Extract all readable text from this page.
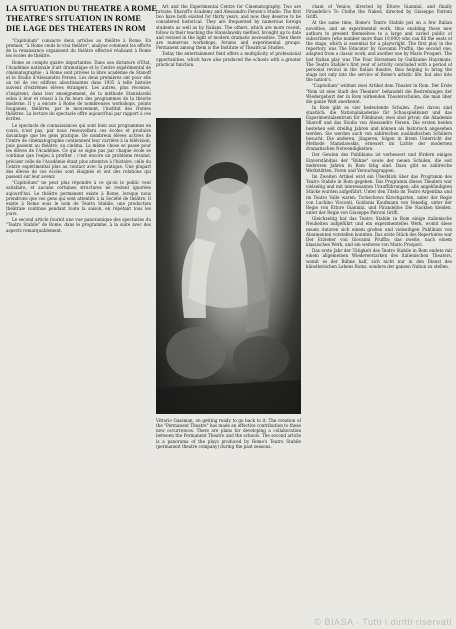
LA SITUATION DU THEATRE A ROME
THEATRE'S SITUATION IN ROME
DIE LAGE DES THEATERS IN ROM

"Capitolium" consacre deux articles au théâtre à Rome. En premier, "à Rome ceuls le vrai théâtre", analyse comment les efforts de la renaissance organisent du théâtre effectué réalisant à Rome les écoles de théâtre.

Rome se compte quatre importantes. Dans son dictature d'Etat, l'Académie nationale d'art dramatique et le Centre expérimental de cinématographie ; à Rome sont privées la libre académie de Stanoff et le Studio d'Alessandro Fersen. Les deux premières ont pour elle un tel de ces edifices aboutissantes dans 1935 à telle histoire suivent d'extrêmes élèves étrangers. Les autres, plus récentes, s'inspirent, dans leur enseignement, de la méthode Stanislavski selon à leur et réussi à la fin leurs des programmes de la théorie moderne. Il y a encore à Rome de nombreuses workshops, points fougaines, théâtres, par le mouvement, l'institut des frontes théâtres. La lecture du spectacle offre aujourd'hui par rapport à ces écrites.

Le spectacle de connaissances qui sont bien aux programmes en cours, n'est pas, par nous renouvellera ces écoles et produire davantage que les gens pratique. De nombreux élèves actives de Centre de cinématographie contiennent leur carrière à la télévision, puis passent au théâtre, au cinéma. La même chose se passe pour les élèves de l'Académie. Ce qui se signe pas par chaque école se continue que l'enjeu à profiter ; c'est encore un problème résumé, préciser celle de l'Académie étant plus attentive à l'histoire, celle du Centre expérimental plus au contact avec la pratique. Une plupart des élèves de ces écoles sont éloignés et ont des relations qui passent sur leur avenir.

"Capitolium" ne peut plus répondre à ce qu'on le public veut satisfaire, et aucune certaines structures ne restent ignorées aujourd'hui. Le théâtre permanent existe à Rome, lorsque nous prendrons que ces gens qui sont attentifs à la Société de théâtre. Il existe à Rome sous le nom de Teatro Stabile, une production théâtrale continue pendant toute la saison, en répétant tous les jours.

Le second article fournit une vue panoramique des spectacles du "Teatro Stabile" de Rome, dans le programme, à la suite avec des aspects remarquablement.

Art and the Experimental Centre for Cinematography. Two are private: Sharoff's Academy and Alessandro Fersen's Studio. The first two have both existed for thirty years, and now they deserve to be considered historical. They are frequented by numerous foreign students as well as by Italians. The others, which are more recent, follow in their teaching the Stanislawsky method, brought up to date and revised in the light of modern dramatic necessities. Then there are numerous workshops, forums and experimental groups. Permanent among them is the Institute of Theatrical Studies.

Today the entertainment field offers a multiplicity of professional opportunities, which have also produced the schools with a greater practical function.

Vittorio Gassman, on getting ready to go back to it. The creation of the "Permanent Theatre" has made an effective contribution to these new occurrences. There are plans for developing a collaboration between the Permanent Theatre and the schools. The second article is a panorama of the plays produced by Rome's Teatro Stabile (permanent theatre company) during the past seasons.

chant of Venice, directed by Ettore Giannini, and finally Pirandello's To Clothe the Naked, directed by Giuseppe Patroni Griffi.

At the same time, Rome's Teatro Stabile put on a few Italian novelties, and an experimental work, thus enabling those new authors to present themselves to a large and varied public of subscribers (who number more than 10,000) who can fill the seats of the stage, which is essential for a playwright. The first play in the repertory was The Educator by Giovanni Pruffin, the second one, adapted from a classic work, and another one by Mario Prosperi. The last Italian play was The Four Horsemen by Guillaume Huysmans. The Teatro Stabile's first year of activity concluded with a period of personal revival in the Italian theatre, thus helping to bring the stage not only into the service of Rome's artistic life, but also into the nation's.

"Capitolium" widmet zwei Artikel dem Theater in Rom. Der Erste "Rom ist eine Stadt des Theaters" behandelt die Bestrebungen der Wiedergeburt der in Rom wirkenden Theaterschulen, die man über die ganze Welt anerkennt.

In Rom gibt es vier bedeutende Schulen. Zwei davon sind staatlich: die Nationalakademie für Schauspielkunst und das Experimentalzentrum für Filmkunst; zwei sind privat: die Akademie Sharoff und das Studio von Alessandro Fersen. Die ersten beiden bestehen seit dreißig Jahren und können als historisch angesehen werden. Sie werden auch von zahlreichen ausländischen Schülern besucht. Die anderen, jüngeren, folgen in ihrem Unterricht der Methode Stanislawskis, erneuert im Lichte der modernen dramatischen Notwendigkeiten.

Der Gewinn des Publikums ist verbessert und fördern einiges Einverständnis der "Bühne" sowie der neuen Schulen, die seit mehreren Jahren in Rom tätig sind. Dazu gibt es zahlreiche Werkstätten, Foren und Versuchsgruppen.

Im Zweiten Artikel wird ein Überblick über das Programm des Teatro Stabile in Rom gegeben. Das Programm dieses Theaters war vielseitig und mit interessanten Uraufführungen; alle angekündigten Stücke wurden aufgeführt. Unter den Titeln im Teatro Argentina und im Teatro Valle waren: Tschechows Kirschgarten, unter der Regie von Luchino Visconti, Goldonis Kaufmann von Venedig, unter der Regie von Ettore Giannini, und Pirandellos Die Nackten kleiden, unter der Regie von Giuseppe Patroni Griffi.

Gleichzeitig hat das Teatro Stabile in Rom einige italienische Neuheiten aufgeführt und ein experimentelles Werk, womit diese neuen Autoren sich einem großen und vielseitigen Publikum von Abonnenten vorstellen konnten. Das erste Stück des Repertoires war Der Erzieher von Giovanni Pruffin; das zweite, nach einem klassischen Werk, und ein weiteres von Mario Prosperi.

Das erste Jahr der Tätigkeit des Teatro Stabile in Rom endete mit einem allgemeinen Wiedererstarken des italienischen Theaters, womit es der Bühne half, sich nicht nur in den Dienst des künstlerischen Lebens Roms, sondern der ganzen Nation zu stellen.

© BIASA - Tutti i diritti riservati
